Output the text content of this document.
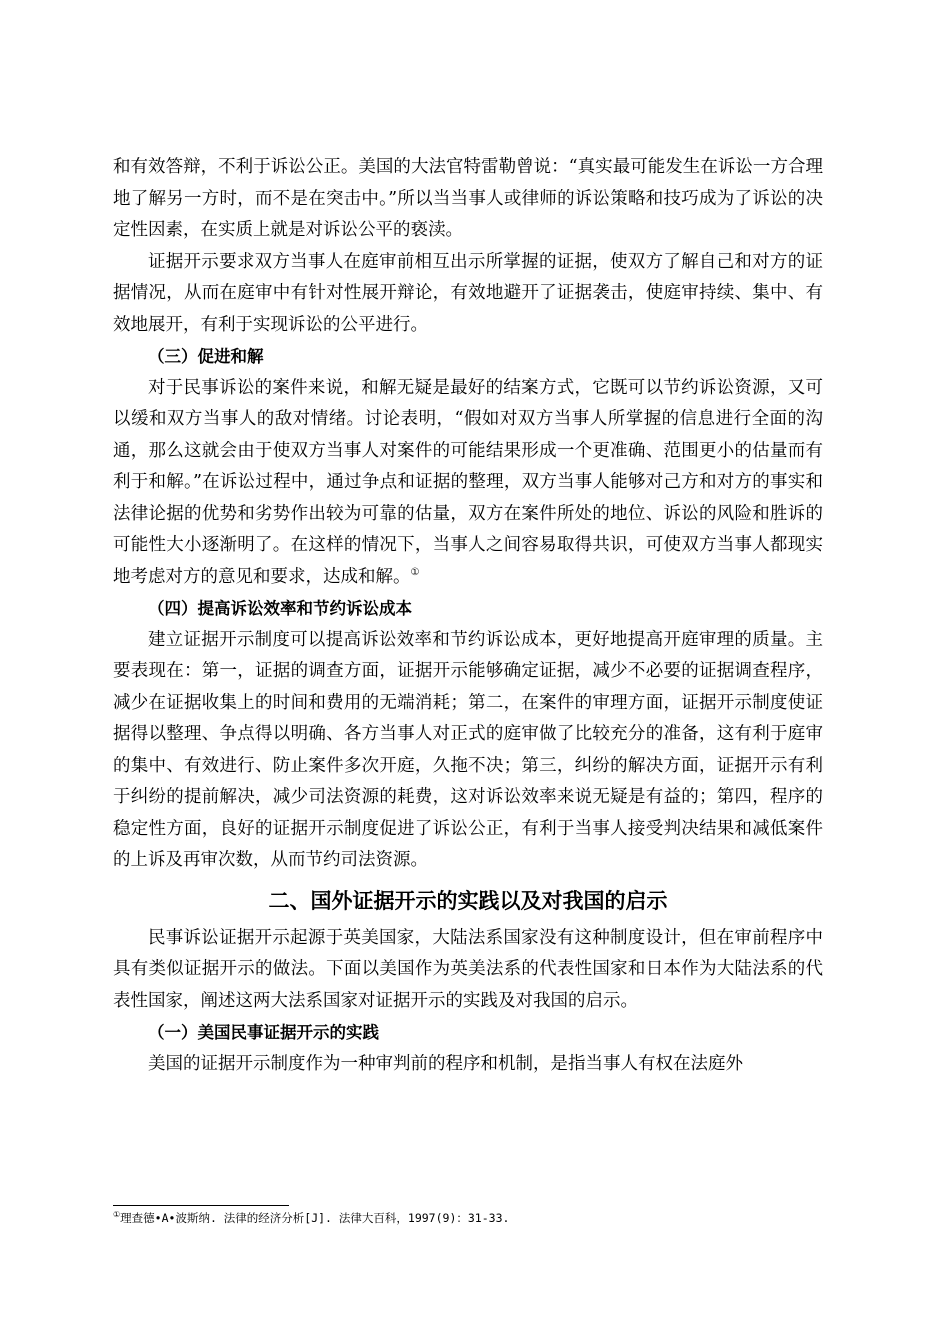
和有效答辩，不利于诉讼公正。美国的大法官特雷勒曾说：“真实最可能发生在诉讼一方合理地了解另一方时，而不是在突击中。”所以当当事人或律师的诉讼策略和技巧成为了诉讼的决定性因素，在实质上就是对诉讼公平的亵渎。

证据开示要求双方当事人在庭审前相互出示所掌握的证据，使双方了解自己和对方的证据情况，从而在庭审中有针对性展开辩论，有效地避开了证据袭击，使庭审持续、集中、有效地展开，有利于实现诉讼的公平进行。

（三）促进和解

对于民事诉讼的案件来说，和解无疑是最好的结案方式，它既可以节约诉讼资源，又可以缓和双方当事人的敌对情绪。讨论表明，“假如对双方当事人所掌握的信息进行全面的沟通，那么这就会由于使双方当事人对案件的可能结果形成一个更准确、范围更小的估量而有利于和解。”在诉讼过程中，通过争点和证据的整理，双方当事人能够对己方和对方的事实和法律论据的优势和劣势作出较为可靠的估量，双方在案件所处的地位、诉讼的风险和胜诉的可能性大小逐渐明了。在这样的情况下，当事人之间容易取得共识，可使双方当事人都现实地考虑对方的意见和要求，达成和解。①

（四）提高诉讼效率和节约诉讼成本

建立证据开示制度可以提高诉讼效率和节约诉讼成本，更好地提高开庭审理的质量。主要表现在：第一，证据的调查方面，证据开示能够确定证据，减少不必要的证据调查程序，减少在证据收集上的时间和费用的无端消耗；第二，在案件的审理方面，证据开示制度使证据得以整理、争点得以明确、各方当事人对正式的庭审做了比较充分的准备，这有利于庭审的集中、有效进行、防止案件多次开庭，久拖不决；第三，纠纷的解决方面，证据开示有利于纠纷的提前解决，减少司法资源的耗费，这对诉讼效率来说无疑是有益的；第四，程序的稳定性方面，良好的证据开示制度促进了诉讼公正，有利于当事人接受判决结果和减低案件的上诉及再审次数，从而节约司法资源。

二、国外证据开示的实践以及对我国的启示

民事诉讼证据开示起源于英美国家，大陆法系国家没有这种制度设计，但在审前程序中具有类似证据开示的做法。下面以美国作为英美法系的代表性国家和日本作为大陆法系的代表性国家，阐述这两大法系国家对证据开示的实践及对我国的启示。

（一）美国民事证据开示的实践

美国的证据开示制度作为一种审判前的程序和机制，是指当事人有权在法庭外

①理查德•A•波斯纳. 法律的经济分析[J]. 法律大百科，1997(9)：31-33.
